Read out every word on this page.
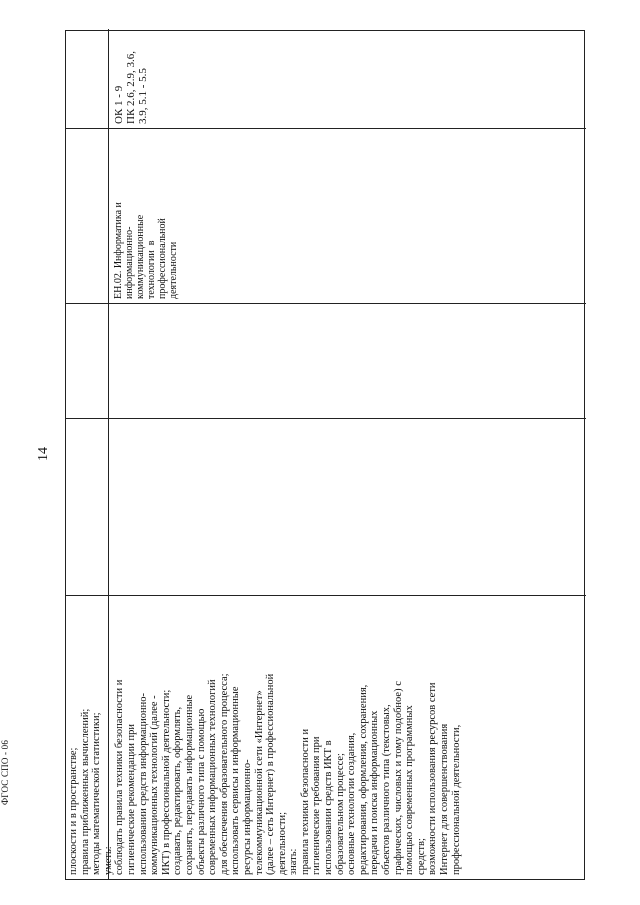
14
ФГОС СПО - 06
плоскости и в пространстве;
правила приближенных вычислений;
методы математической статистики;
уметь:
соблюдать правила техники безопасности и
гигиенические рекомендации при
использовании средств информационно-
коммуникационных технологий (далее -
ИКТ) в профессиональной деятельности;
создавать, редактировать, оформлять,
сохранять, передавать информационные
объекты различного типа с помощью
современных информационных технологий
для обеспечения образовательного процесса;
использовать сервисы и информационные
ресурсы информационно-
телекоммуникационной сети «Интернет»
(далее – сеть Интернет) в профессиональной
деятельности;
знать:
правила техники безопасности и
гигиенические требования при
использовании средств ИКТ в
образовательном процессе;
основные технологии создания,
редактирования, оформления, сохранения,
передачи и поиска информационных
объектов различного типа (текстовых,
графических, числовых и тому подобное) с
помощью современных программных
средств;
возможности использования ресурсов сети
Интернет для совершенствования
профессиональной деятельности,
ЕН.02. Информатика и
информационно-
коммуникационные
технологии  в
профессиональной
деятельности
ОК 1 - 9
ПК 2.6, 2.9, 3.6,
3.9, 5.1 - 5.5
